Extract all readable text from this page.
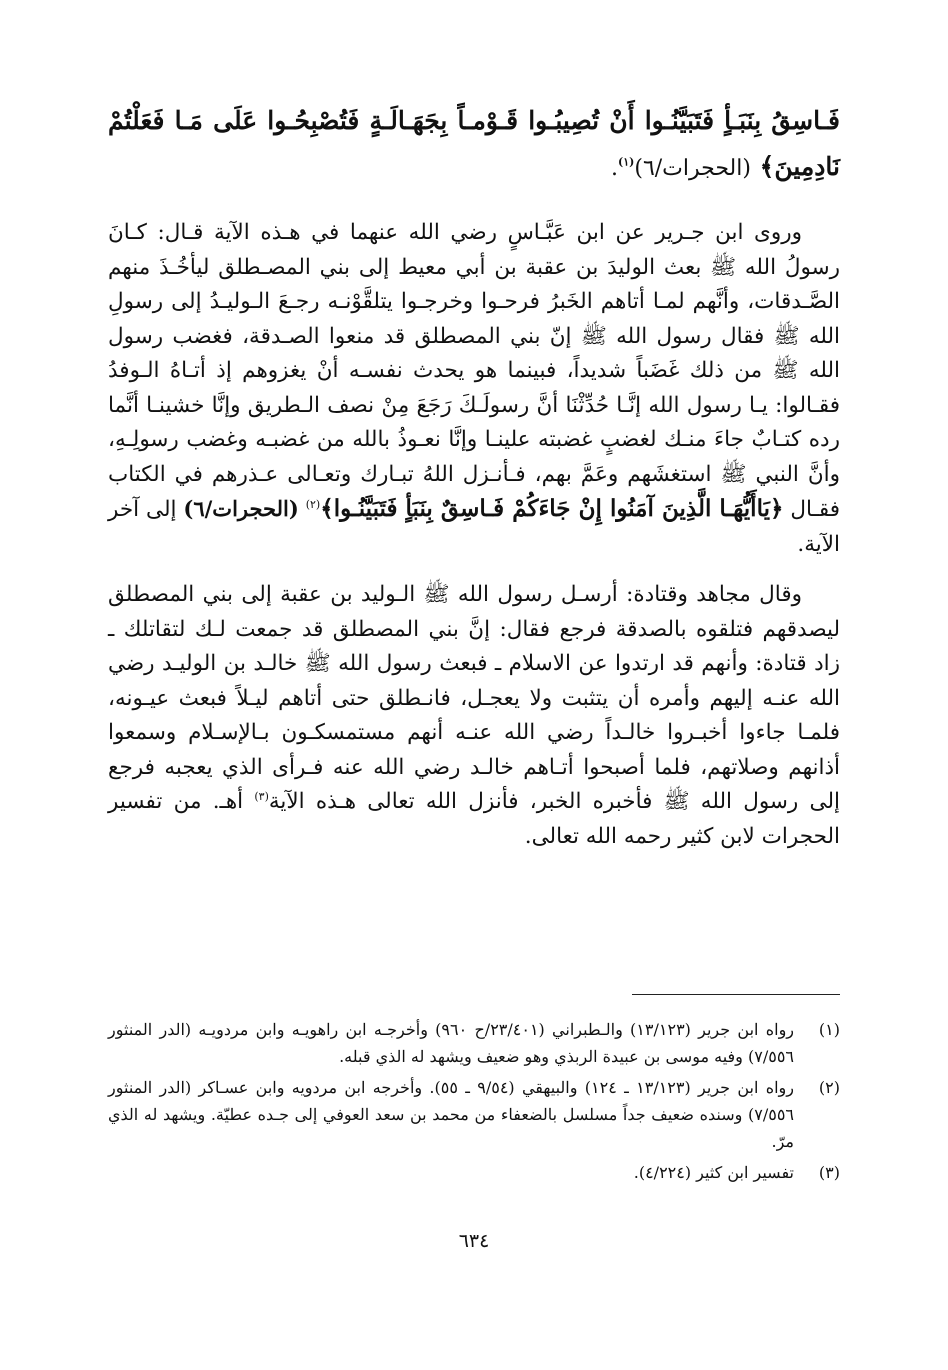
فَـاسِقُ بِنَبَـأٍ فَتَبَيَّنُـوا أَنْ تُصِيبُـوا قَـوْمـاً بِجَهَـالَـةٍ فَتُصْبِحُـوا عَلَى مَـا فَعَلْتُمْ
نَادِمِينَ﴾ (الحجرات/٦)$^{(١)}$.

وروى ابن جـرير عن ابن عَبَّـاسٍ رضي الله عنهما في هـذه الآية قـال: كـانَ رسولُ الله ﷺ بعث الوليدَ بن عقبة بن أبي معيط إلى بني المصـطلق ليأخُـذَ منهم الصَّـدقات، وأنَّهم لمـا أتاهم الخَبرُ فرحـوا وخرجـوا يتلقَّوْنـه رجـعَ الـوليـدُ إلى رسولِ الله ﷺ فقال رسول الله ﷺ إنّ بني المصطلق قد منعوا الصـدقة، فغضب رسول الله ﷺ من ذلك غَضَباً شديداً، فبينما هو يحدث نفسـه أنْ يغزوهم إذ أتـاهُ الـوفدُ فقـالوا: يـا رسول الله إنَّـا حُدِّثْنَا أنَّ رسولَـكَ رَجَعَ مِنْ نصف الـطريق وإنَّا خشينـا أنَّما رده كتـابٌ جاءَ منـك لغضبٍ غضبته علينـا وإنَّا نعـوذُ بالله من غضبـه وغضب رسولِـهِ، وأنَّ النبي ﷺ استغشَهم وعَمَّ بهم، فـأنـزل اللهُ تبـارك وتعـالى عـذرهم في الكتاب فقـال ﴿يَاأَيُّهَـا الَّذِينَ آمَنُوا إِنْ جَاءَكُمْ فَـاسِقٌ بِنَبَأٍ فَتَبَيَّنُـوا﴾$^{(٢)}$ (الحجرات/٦) إلى آخر الآية.

وقال مجاهد وقتادة: أرسـل رسول الله ﷺ الـوليد بن عقبة إلى بني المصطلق ليصدقهم فتلقوه بالصدقة فرجع فقال: إنَّ بني المصطلق قد جمعت لـك لتقاتلك ـ زاد قتادة: وأنهم قد ارتدوا عن الاسلام ـ فبعث رسول الله ﷺ خالـد بن الوليـد رضي الله عنـه إليهم وأمره أن يتثبت ولا يعجـل، فانـطلق حتى أتاهم ليـلاً فبعث عيـونه، فلمـا جاءوا أخبـروا خالـداً رضي الله عنـه أنهم مستمسكـون بـالإسـلام وسمعوا أذانهم وصلاتهم، فلما أصبحوا أتـاهم خالـد رضي الله عنه فـرأى الذي يعجبه فرجع إلى رسول الله ﷺ فأخبره الخبر، فأنزل الله تعالى هـذه الآية$^{(٣)}$ أهـ. من تفسير الحجرات لابن كثير رحمه الله تعالى.

(١)
رواه ابن جرير (١٣/١٢٣) والـطبراني (٢٣/٤٠١/ح ٩٦٠) وأخرجـه ابن راهويـه وابن مردويـه (الدر المنثور ٧/٥٥٦) وفيه موسى بن عبيدة الربذي وهو ضعيف ويشهد له الذي قبله.
(٢)
رواه ابن جرير (١٣/١٢٣ ـ ١٢٤) والبيهقي (٩/٥٤ ـ ٥٥). وأخرجه ابن مردويه وابن عسـاكر (الدر المنثور ٧/٥٥٦) وسنده ضعيف جداً مسلسل بالضعفاء من محمد بن سعد العوفي إلى جـده عطيّة. ويشهد له الذي مرّ.
(٣)
تفسير ابن كثير (٤/٢٢٤).
٦٣٤
